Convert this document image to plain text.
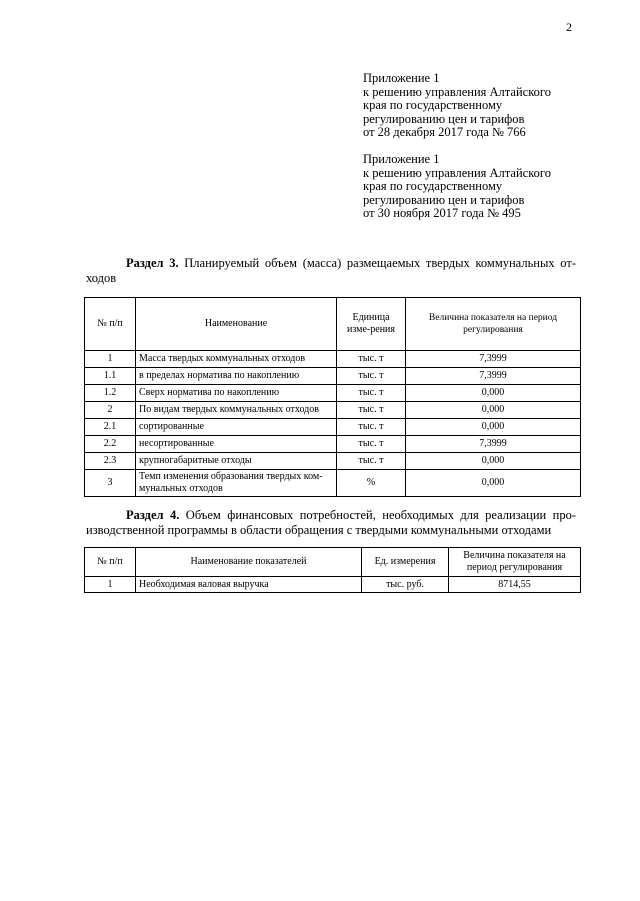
2
Приложение 1
к решению управления Алтайского
края по государственному
регулированию цен и тарифов
от 28 декабря 2017 года № 766
Приложение 1
к решению управления Алтайского
края по государственному
регулированию цен и тарифов
от 30 ноября 2017 года № 495
Раздел 3. Планируемый объем (масса) размещаемых твердых коммунальных от-
ходов
№ п/п	Наименование	Единица изме-рения	Величина показателя на период регулирования
1	Масса твердых коммунальных отходов	тыс. т	7,3999
1.1	в пределах норматива по накоплению	тыс. т	7,3999
1.2	Сверх норматива по накоплению	тыс. т	0,000
2	По видам твердых коммунальных отходов	тыс. т	0,000
2.1	сортированные	тыс. т	0,000
2.2	несортированные	тыс. т	7,3999
2.3	крупногабаритные отходы	тыс. т	0,000
3	Темп изменения образования твердых ком-мунальных отходов	%	0,000
Раздел 4. Объем финансовых потребностей, необходимых для реализации про-
изводственной программы в области обращения с твердыми коммунальными отходами
№ п/п	Наименование показателей	Ед. измерения	Величина показателя на период регулирования
1	Необходимая валовая выручка	тыс. руб.	8714,55
